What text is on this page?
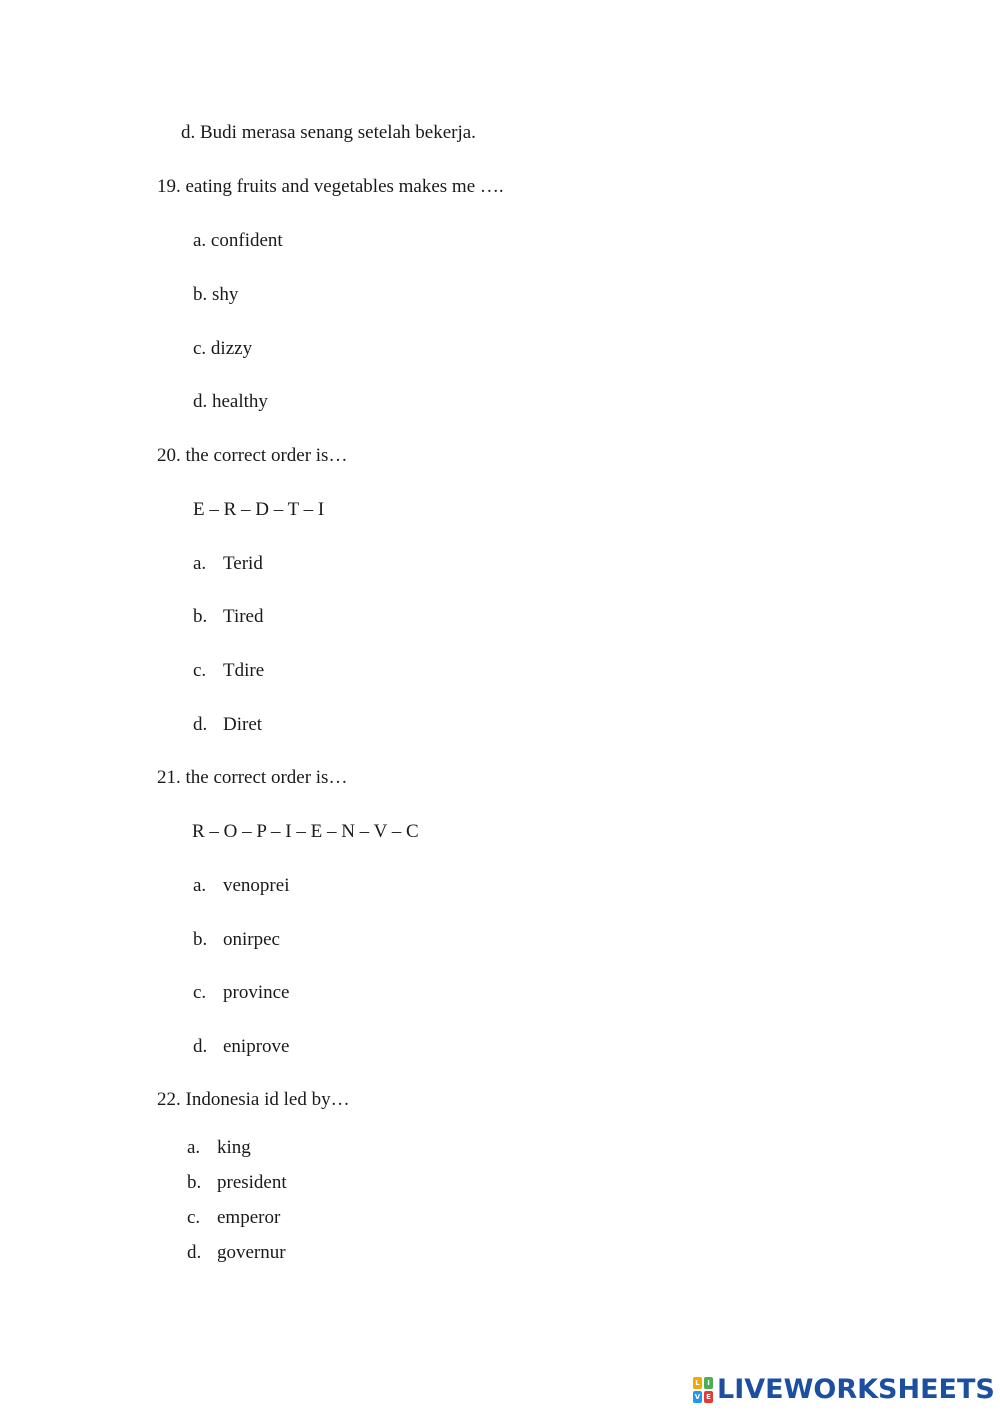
d. Budi merasa senang setelah bekerja.
19. eating fruits and vegetables makes me ….
a. confident
b. shy
c. dizzy
d. healthy
20. the correct order is…
E – R – D – T – I
a. Terid
b. Tired
c. Tdire
d. Diret
21. the correct order is…
R – O – P – I – E – N – V – C
a. venoprei
b. onirpec
c. province
d. eniprove
22. Indonesia id led by…
a. king
b. president
c. emperor
d. governur
L	I
V E LIVEWORKSHEETS
